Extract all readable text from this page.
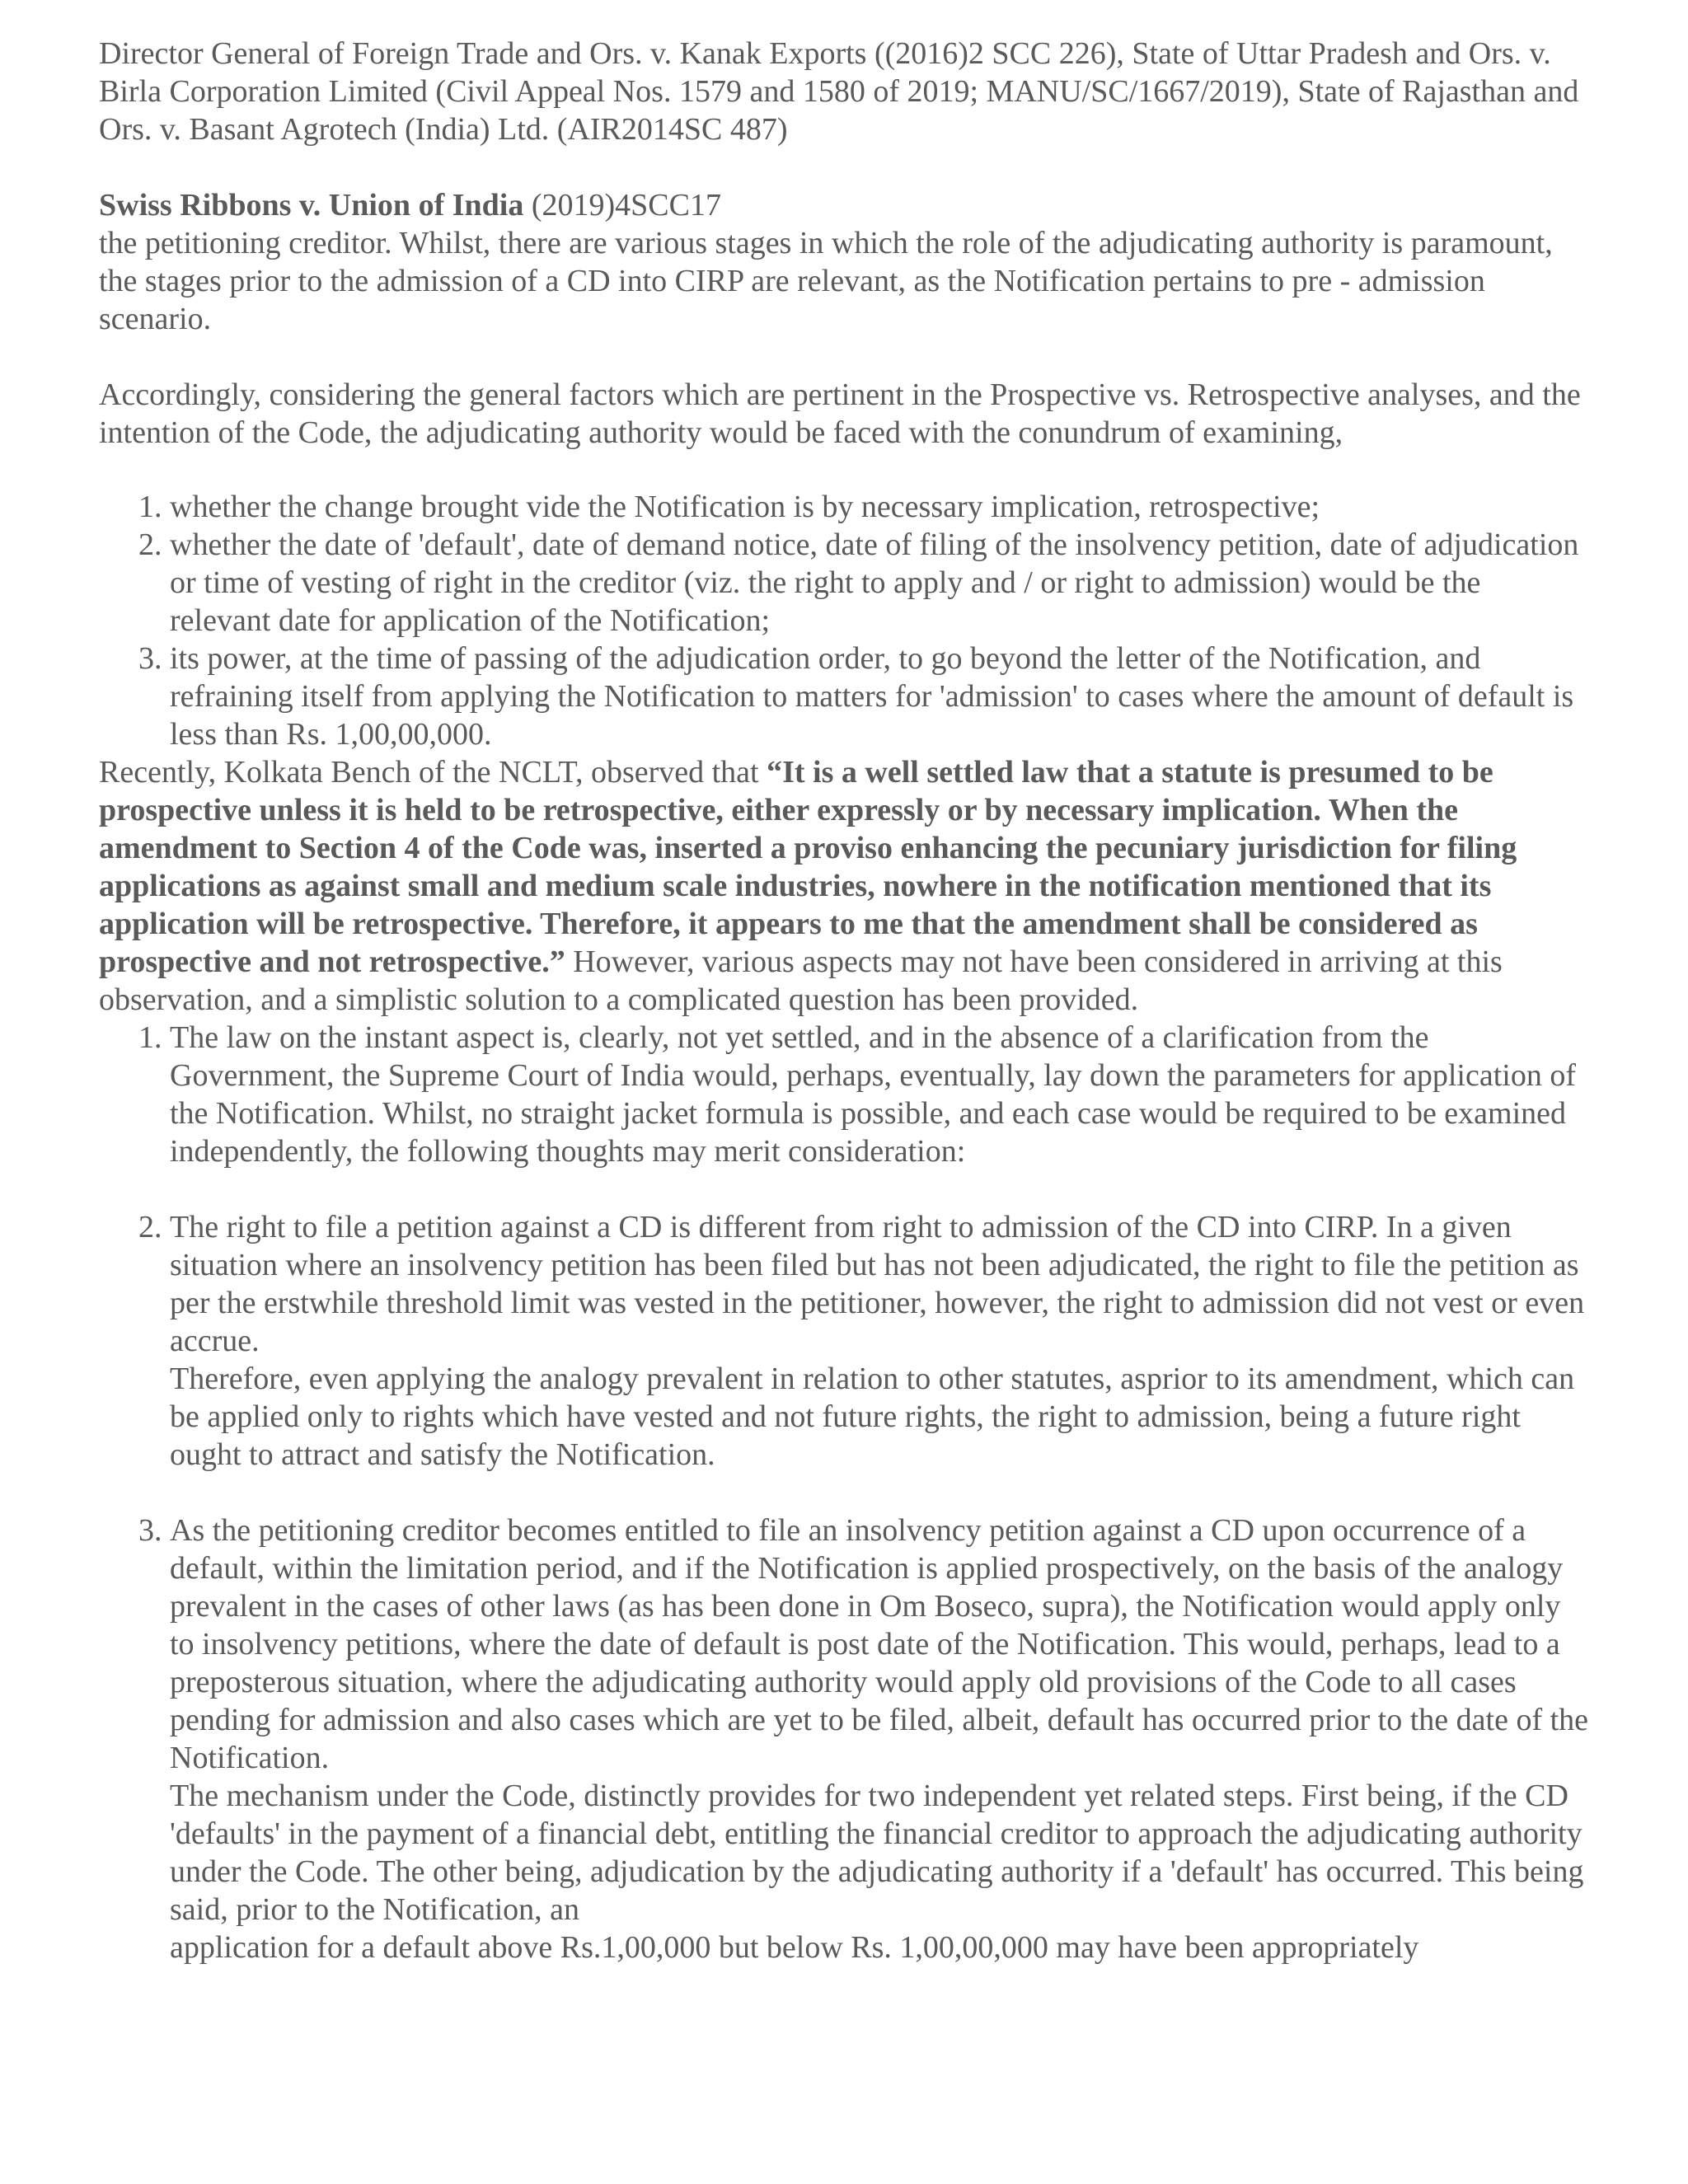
Director General of Foreign Trade and Ors. v. Kanak Exports ((2016)2 SCC 226), State of Uttar Pradesh and Ors. v. Birla Corporation Limited (Civil Appeal Nos. 1579 and 1580 of 2019; MANU/SC/1667/2019), State of Rajasthan and Ors. v. Basant Agrotech (India) Ltd. (AIR2014SC 487)

Swiss Ribbons v. Union of India (2019)4SCC17

the petitioning creditor. Whilst, there are various stages in which the role of the adjudicating authority is paramount, the stages prior to the admission of a CD into CIRP are relevant, as the Notification pertains to pre - admission scenario.

Accordingly, considering the general factors which are pertinent in the Prospective vs. Retrospective analyses, and the intention of the Code, the adjudicating authority would be faced with the conundrum of examining,

1. whether the change brought vide the Notification is by necessary implication, retrospective;
2. whether the date of 'default', date of demand notice, date of filing of the insolvency petition, date of adjudication or time of vesting of right in the creditor (viz. the right to apply and / or right to admission) would be the relevant date for application of the Notification;
3. its power, at the time of passing of the adjudication order, to go beyond the letter of the Notification, and refraining itself from applying the Notification to matters for 'admission' to cases where the amount of default is less than Rs. 1,00,00,000.

Recently, Kolkata Bench of the NCLT, observed that “It is a well settled law that a statute is presumed to be prospective unless it is held to be retrospective, either expressly or by necessary implication. When the amendment to Section 4 of the Code was, inserted a proviso enhancing the pecuniary jurisdiction for filing applications as against small and medium scale industries, nowhere in the notification mentioned that its application will be retrospective. Therefore, it appears to me that the amendment shall be considered as prospective and not retrospective.” However, various aspects may not have been considered in arriving at this observation, and a simplistic solution to a complicated question has been provided.

1. The law on the instant aspect is, clearly, not yet settled, and in the absence of a clarification from the Government, the Supreme Court of India would, perhaps, eventually, lay down the parameters for application of the Notification. Whilst, no straight jacket formula is possible, and each case would be required to be examined independently, the following thoughts may merit consideration:
2. The right to file a petition against a CD is different from right to admission of the CD into CIRP. In a given situation where an insolvency petition has been filed but has not been adjudicated, the right to file the petition as per the erstwhile threshold limit was vested in the petitioner, however, the right to admission did not vest or even accrue.
Therefore, even applying the analogy prevalent in relation to other statutes, asprior to its amendment, which can be applied only to rights which have vested and not future rights, the right to admission, being a future right ought to attract and satisfy the Notification.
3. As the petitioning creditor becomes entitled to file an insolvency petition against a CD upon occurrence of a default, within the limitation period, and if the Notification is applied prospectively, on the basis of the analogy prevalent in the cases of other laws (as has been done in Om Boseco, supra), the Notification would apply only to insolvency petitions, where the date of default is post date of the Notification. This would, perhaps, lead to a preposterous situation, where the adjudicating authority would apply old provisions of the Code to all cases pending for admission and also cases which are yet to be filed, albeit, default has occurred prior to the date of the Notification.
The mechanism under the Code, distinctly provides for two independent yet related steps. First being, if the CD 'defaults' in the payment of a financial debt, entitling the financial creditor to approach the adjudicating authority under the Code. The other being, adjudication by the adjudicating authority if a 'default' has occurred. This being said, prior to the Notification, an
application for a default above Rs.1,00,000 but below Rs. 1,00,00,000 may have been appropriately
